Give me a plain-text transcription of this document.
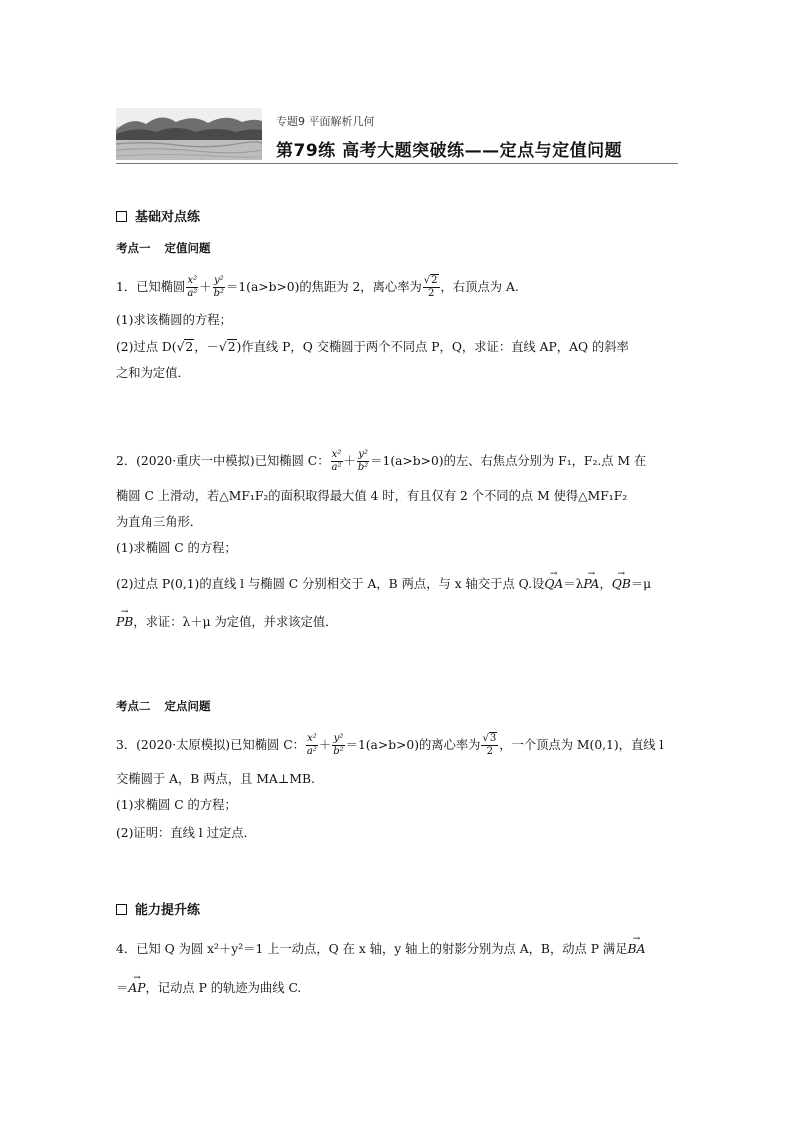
专题9 平面解析几何
第79练 高考大题突破练——定点与定值问题
基础对点练
考点一 定值问题
1．已知椭圆 $\frac{\text{x²}}{\text{a²}} + \frac{\text{y²}}{\text{b²}} =1(a>b>0)$的焦距为 2，离心率为 $\frac{√2}{2}$ ，右顶点为 A.
(1)求该椭圆的方程；
(2)过点 D(√2，－√2)作直线 P，Q 交椭圆于两个不同点 P，Q，求证：直线 AP，AQ 的斜率
之和为定值．
2．(2020·重庆一中模拟)已知椭圆 C： $\frac{\text{x²}}{\text{a²}} + \frac{\text{y²}}{\text{b²}} =1(a>b>0)$的左、右焦点分别为 F₁，F₂.点 M 在
椭圆 C 上滑动，若△MF₁F₂的面积取得最大值 4 时，有且仅有 2 个不同的点 M 使得△MF₁F₂
为直角三角形．
(1)求椭圆 C 的方程；
(2)过点 P(0,1)的直线 l 与椭圆 C 分别相交于 A，B 两点，与 x 轴交于点 Q.设→ QA＝λ→ PA，→ QB＝μ
→ PB，求证：λ＋μ 为定值，并求该定值．
考点二 定点问题
3．(2020·太原模拟)已知椭圆 C： $\frac{\text{x²}}{\text{a²}} + \frac{\text{y²}}{\text{b²}} =1(a>b>0)$的离心率为 $\frac{√3}{2}$ ，一个顶点为 M(0,1)，直线 l
交椭圆于 A，B 两点，且 MA⊥MB.
(1)求椭圆 C 的方程；
(2)证明：直线 l 过定点．
能力提升练
4．已知 Q 为圆 x²＋y²＝1 上一动点，Q 在 x 轴，y 轴上的射影分别为点 A，B，动点 P 满足→ BA
＝→ AP，记动点 P 的轨迹为曲线 C.
